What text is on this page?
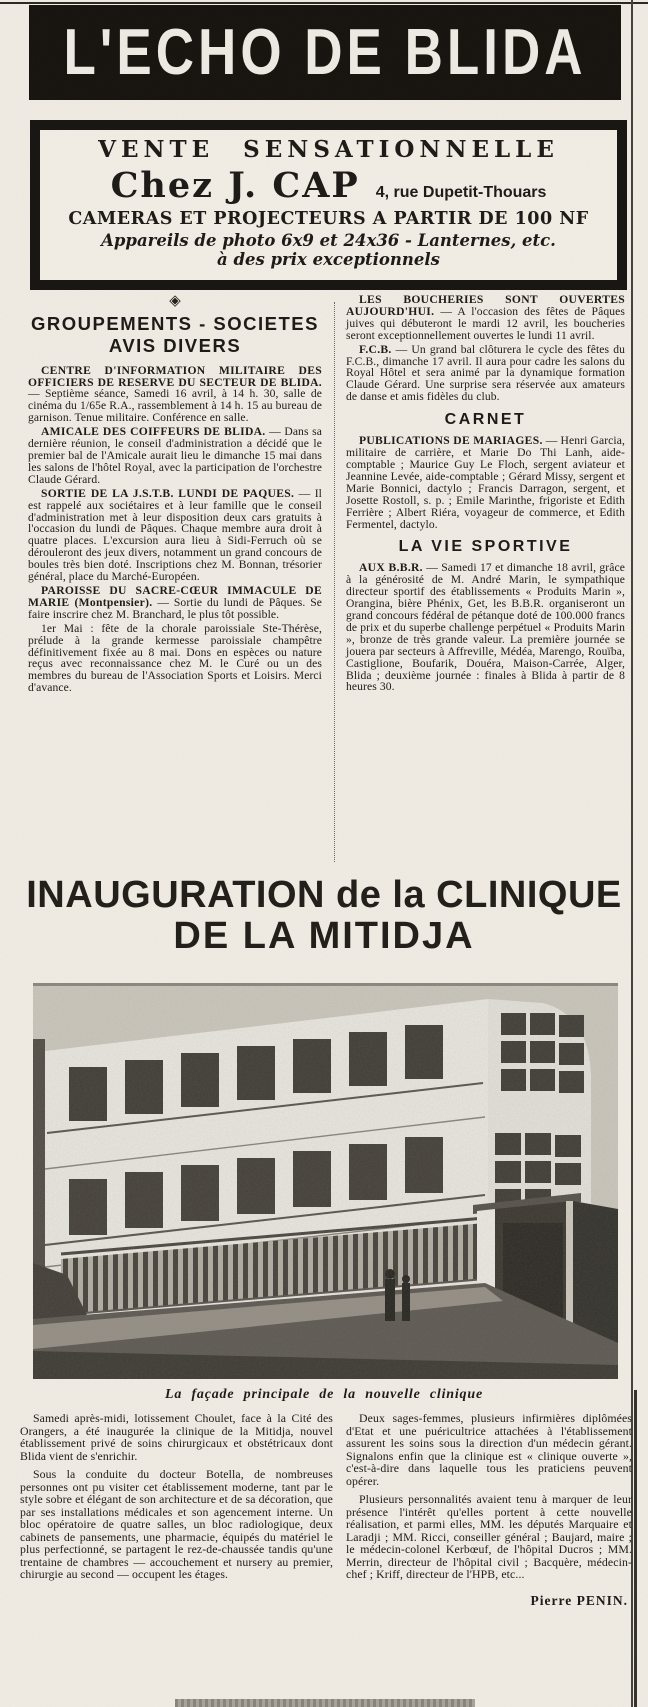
L'ECHO DE BLIDA
VENTE SENSATIONNELLE
Chez J. CAP 4, rue Dupetit-Thouars
CAMERAS ET PROJECTEURS A PARTIR DE 100 NF
Appareils de photo 6x9 et 24x36 - Lanternes, etc.
à des prix exceptionnels
◈
GROUPEMENTS - SOCIETES
AVIS DIVERS

CENTRE D'INFORMATION MILITAIRE DES OFFICIERS DE RESERVE DU SECTEUR DE BLIDA. — Septième séance, Samedi 16 avril, à 14 h. 30, salle de cinéma du 1/65e R.A., rassemblement à 14 h. 15 au bureau de garnison. Tenue militaire. Conférence en salle.

AMICALE DES COIFFEURS DE BLIDA. — Dans sa dernière réunion, le conseil d'administration a décidé que le premier bal de l'Amicale aurait lieu le dimanche 15 mai dans les salons de l'hôtel Royal, avec la participation de l'orchestre Claude Gérard.

SORTIE DE LA J.S.T.B. LUNDI DE PAQUES. — Il est rappelé aux sociétaires et à leur famille que le conseil d'administration met à leur disposition deux cars gratuits à l'occasion du lundi de Pâques. Chaque membre aura droit à quatre places. L'excursion aura lieu à Sidi-Ferruch où se dérouleront des jeux divers, notamment un grand concours de boules très bien doté. Inscriptions chez M. Bonnan, trésorier général, place du Marché-Européen.

PAROISSE DU SACRE-CŒUR IMMACULE DE MARIE (Montpensier). — Sortie du lundi de Pâques. Se faire inscrire chez M. Branchard, le plus tôt possible.

1er Mai : fête de la chorale paroissiale Ste-Thérèse, prélude à la grande kermesse paroissiale champêtre définitivement fixée au 8 mai. Dons en espèces ou nature reçus avec reconnaissance chez M. le Curé ou un des membres du bureau de l'Association Sports et Loisirs. Merci d'avance.

LES BOUCHERIES SONT OUVERTES AUJOURD'HUI. — A l'occasion des fêtes de Pâques juives qui débuteront le mardi 12 avril, les boucheries seront exceptionnellement ouvertes le lundi 11 avril.

F.C.B. — Un grand bal clôturera le cycle des fêtes du F.C.B., dimanche 17 avril. Il aura pour cadre les salons du Royal Hôtel et sera animé par la dynamique formation Claude Gérard. Une surprise sera réservée aux amateurs de danse et amis fidèles du club.

CARNET

PUBLICATIONS DE MARIAGES. — Henri Garcia, militaire de carrière, et Marie Do Thi Lanh, aide-comptable ; Maurice Guy Le Floch, sergent aviateur et Jeannine Levée, aide-comptable ; Gérard Missy, sergent et Marie Bonnici, dactylo ; Francis Darragon, sergent, et Josette Rostoll, s. p. ; Emile Marinthe, frigoriste et Edith Ferrière ; Albert Riéra, voyageur de commerce, et Edith Fermentel, dactylo.

LA VIE SPORTIVE

AUX B.B.R. — Samedi 17 et dimanche 18 avril, grâce à la générosité de M. André Marin, le sympathique directeur sportif des établissements « Produits Marin », Orangina, bière Phénix, Get, les B.B.R. organiseront un grand concours fédéral de pétanque doté de 100.000 francs de prix et du superbe challenge perpétuel « Produits Marin », bronze de très grande valeur. La première journée se jouera par secteurs à Affreville, Médéa, Marengo, Rouïba, Castiglione, Boufarik, Douéra, Maison-Carrée, Alger, Blida ; deuxième journée : finales à Blida à partir de 8 heures 30.

INAUGURATION de la CLINIQUE
DE LA MITIDJA
La façade principale de la nouvelle clinique

Samedi après-midi, lotissement Choulet, face à la Cité des Orangers, a été inaugurée la clinique de la Mitidja, nouvel établissement privé de soins chirurgicaux et obstétricaux dont Blida vient de s'enrichir.

Sous la conduite du docteur Botella, de nombreuses personnes ont pu visiter cet établissement moderne, tant par le style sobre et élégant de son architecture et de sa décoration, que par ses installations médicales et son agencement interne. Un bloc opératoire de quatre salles, un bloc radiologique, deux cabinets de pansements, une pharmacie, équipés du matériel le plus perfectionné, se partagent le rez-de-chaussée tandis qu'une trentaine de chambres — accouchement et nursery au premier, chirurgie au second — occupent les étages.

Deux sages-femmes, plusieurs infirmières diplômées d'Etat et une puéricultrice attachées à l'établissement assurent les soins sous la direction d'un médecin gérant. Signalons enfin que la clinique est « clinique ouverte », c'est-à-dire dans laquelle tous les praticiens peuvent opérer.

Plusieurs personnalités avaient tenu à marquer de leur présence l'intérêt qu'elles portent à cette nouvelle réalisation, et parmi elles, MM. les députés Marquaire et Laradji ; MM. Ricci, conseiller général ; Baujard, maire ; le médecin-colonel Kerbœuf, de l'hôpital Ducros ; MM. Merrin, directeur de l'hôpital civil ; Bacquère, médecin-chef ; Kriff, directeur de l'HPB, etc...

Pierre PENIN.
